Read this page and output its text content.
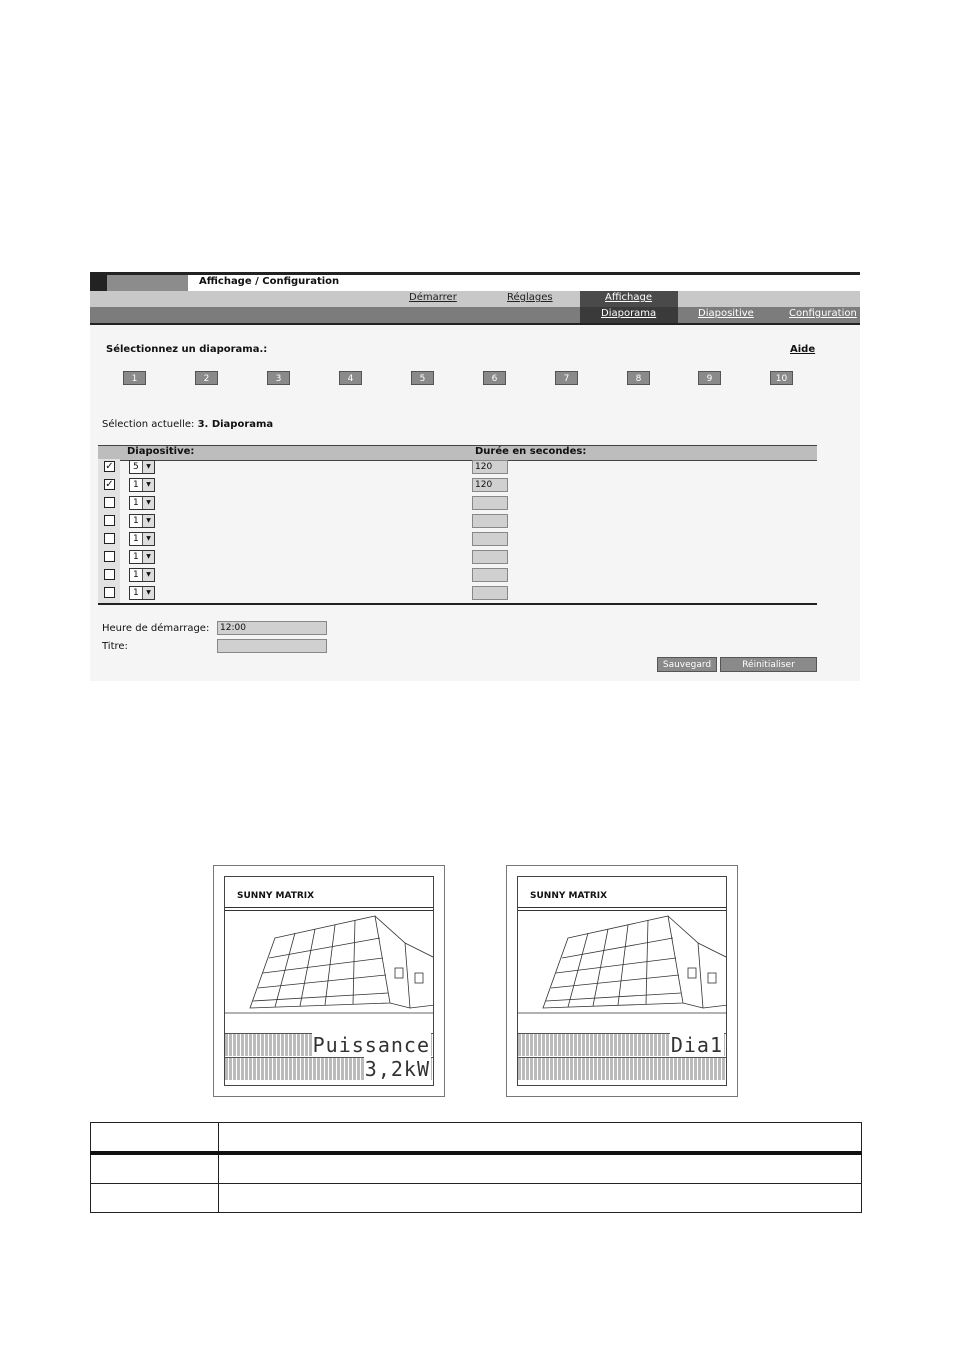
Affichage / Configuration
Démarrer	Réglages	Affichage
Diaporama	Diapositive	Configuration
Sélectionnez un diaporama.:	Aide
1	2	3	4	5	6	7	8	9	10
Sélection actuelle: 3. Diaporama
Diapositive:	Durée en secondes:
✓ 5	▼	120
✓ 1	▼	120
1	▼
1	▼
1	▼
1	▼
1	▼
1	▼
Heure de démarrage:	12:00
Titre:
Sauvegard	Réinitialiser
SUNNY MATRIX
Puissance
3,2kW
SUNNY MATRIX
Dia1
